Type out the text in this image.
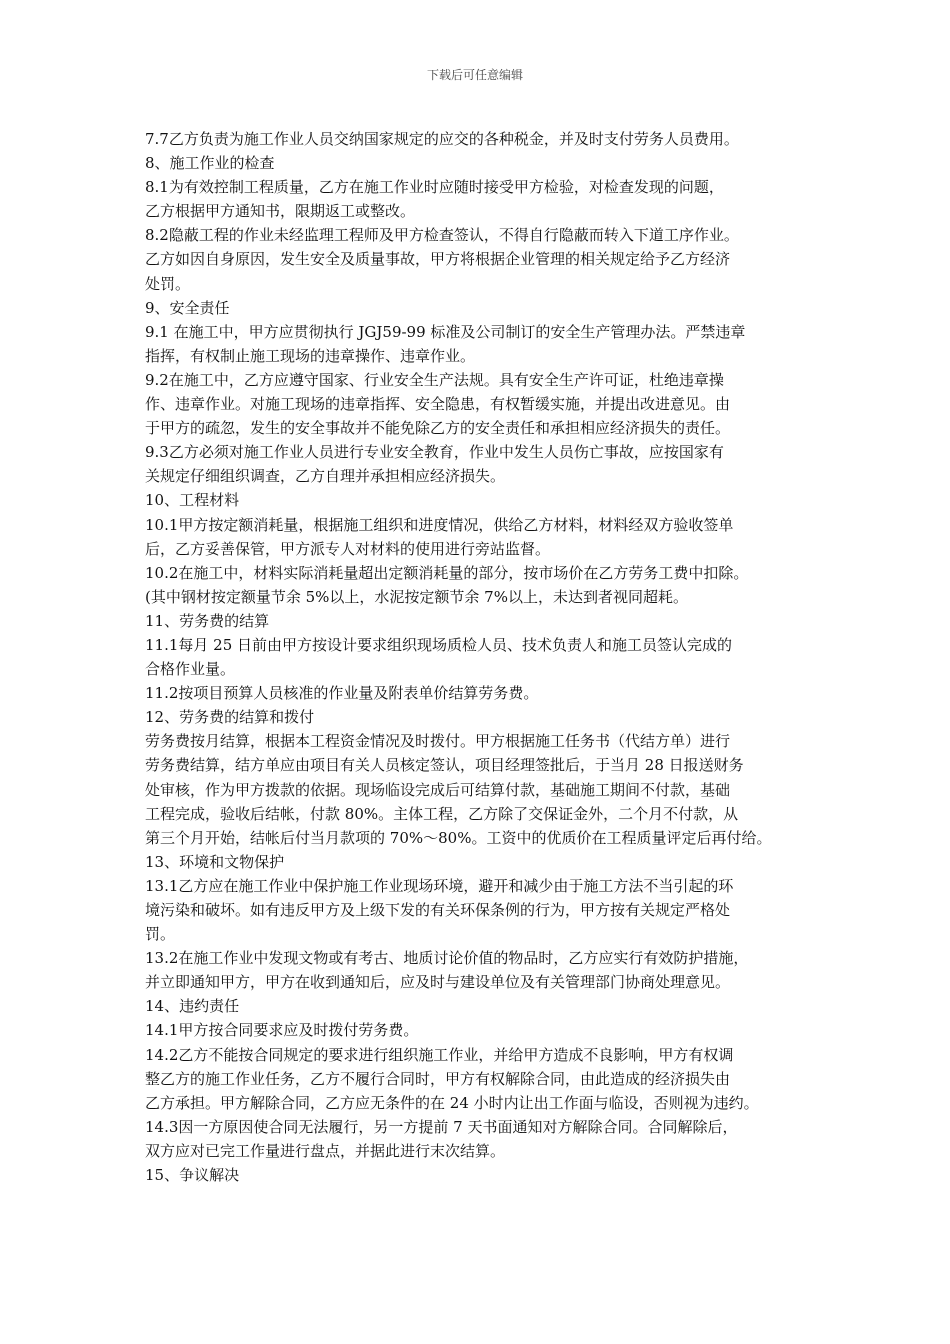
下载后可任意编辑
7.7乙方负责为施工作业人员交纳国家规定的应交的各种税金，并及时支付劳务人员费用。
8、施工作业的检查
8.1为有效控制工程质量，乙方在施工作业时应随时接受甲方检验，对检查发现的问题，
乙方根据甲方通知书，限期返工或整改。
8.2隐蔽工程的作业未经监理工程师及甲方检查签认，不得自行隐蔽而转入下道工序作业。
乙方如因自身原因，发生安全及质量事故，甲方将根据企业管理的相关规定给予乙方经济
处罚。
9、安全责任
9.1 在施工中，甲方应贯彻执行 JGJ59-99 标准及公司制订的安全生产管理办法。严禁违章
指挥，有权制止施工现场的违章操作、违章作业。
9.2在施工中，乙方应遵守国家、行业安全生产法规。具有安全生产许可证，杜绝违章操
作、违章作业。对施工现场的违章指挥、安全隐患，有权暂缓实施，并提出改进意见。由
于甲方的疏忽，发生的安全事故并不能免除乙方的安全责任和承担相应经济损失的责任。
9.3乙方必须对施工作业人员进行专业安全教育，作业中发生人员伤亡事故，应按国家有
关规定仔细组织调查，乙方自理并承担相应经济损失。
10、工程材料
10.1甲方按定额消耗量，根据施工组织和进度情况，供给乙方材料，材料经双方验收签单
后，乙方妥善保管，甲方派专人对材料的使用进行旁站监督。
10.2在施工中，材料实际消耗量超出定额消耗量的部分，按市场价在乙方劳务工费中扣除。
(其中钢材按定额量节余 5%以上，水泥按定额节余 7%以上，未达到者视同超耗。
11、劳务费的结算
11.1每月 25 日前由甲方按设计要求组织现场质检人员、技术负责人和施工员签认完成的
合格作业量。
11.2按项目预算人员核准的作业量及附表单价结算劳务费。
12、劳务费的结算和拨付
劳务费按月结算，根据本工程资金情况及时拨付。甲方根据施工任务书（代结方单）进行
劳务费结算，结方单应由项目有关人员核定签认，项目经理签批后，于当月 28 日报送财务
处审核，作为甲方拨款的依据。现场临设完成后可结算付款，基础施工期间不付款，基础
工程完成，验收后结帐，付款 80%。主体工程，乙方除了交保证金外，二个月不付款，从
第三个月开始，结帐后付当月款项的 70%～80%。工资中的优质价在工程质量评定后再付给。
13、环境和文物保护
13.1乙方应在施工作业中保护施工作业现场环境，避开和减少由于施工方法不当引起的环
境污染和破坏。如有违反甲方及上级下发的有关环保条例的行为，甲方按有关规定严格处
罚。
13.2在施工作业中发现文物或有考古、地质讨论价值的物品时，乙方应实行有效防护措施，
并立即通知甲方，甲方在收到通知后，应及时与建设单位及有关管理部门协商处理意见。
14、违约责任
14.1甲方按合同要求应及时拨付劳务费。
14.2乙方不能按合同规定的要求进行组织施工作业，并给甲方造成不良影响，甲方有权调
整乙方的施工作业任务，乙方不履行合同时，甲方有权解除合同，由此造成的经济损失由
乙方承担。甲方解除合同，乙方应无条件的在 24 小时内让出工作面与临设，否则视为违约。
14.3因一方原因使合同无法履行，另一方提前 7 天书面通知对方解除合同。合同解除后，
双方应对已完工作量进行盘点，并据此进行末次结算。
15、争议解决
